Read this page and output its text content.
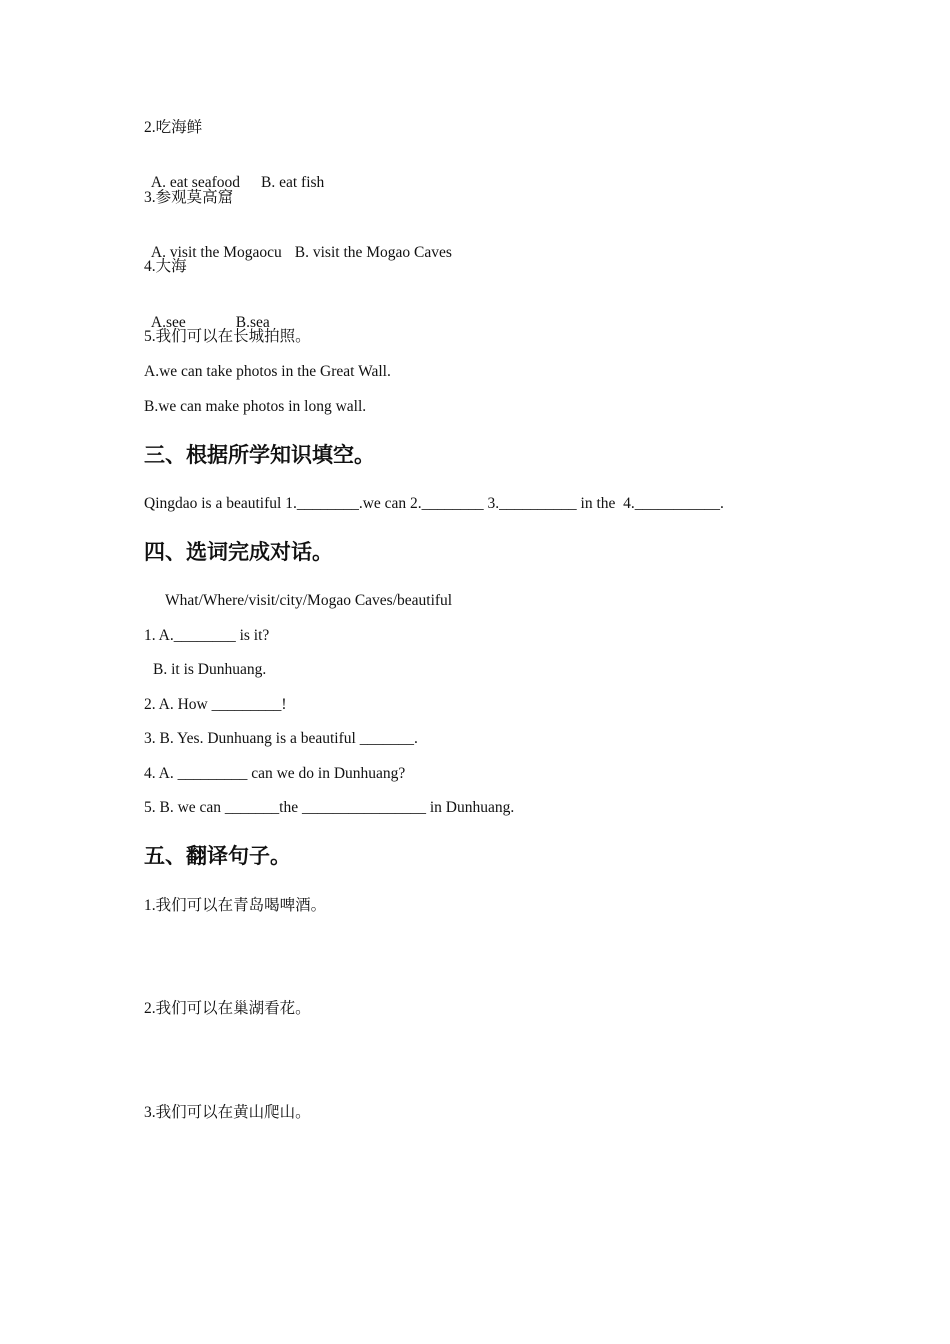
2.吃海鲜

A. eat seafood B. eat fish

3.参观莫高窟

A. visit the Mogaocu B. visit the Mogao Caves

4.大海

A.see	B.sea

5.我们可以在长城拍照。
A.we can take photos in the Great Wall.
B.we can make photos in long wall.
三、根据所学知识填空。
Qingdao is a beautiful 1.________.we can 2.________ 3.__________ in the  4.___________.
四、选词完成对话。
What/Where/visit/city/Mogao Caves/beautiful
1. A.________ is it?
B. it is Dunhuang.
2. A. How _________!
3. B. Yes. Dunhuang is a beautiful _______.
4. A. _________ can we do in Dunhuang?
5. B. we can _______the ________________ in Dunhuang.
五、翻译句子。
1.我们可以在青岛喝啤酒。
2.我们可以在巢湖看花。
3.我们可以在黄山爬山。
